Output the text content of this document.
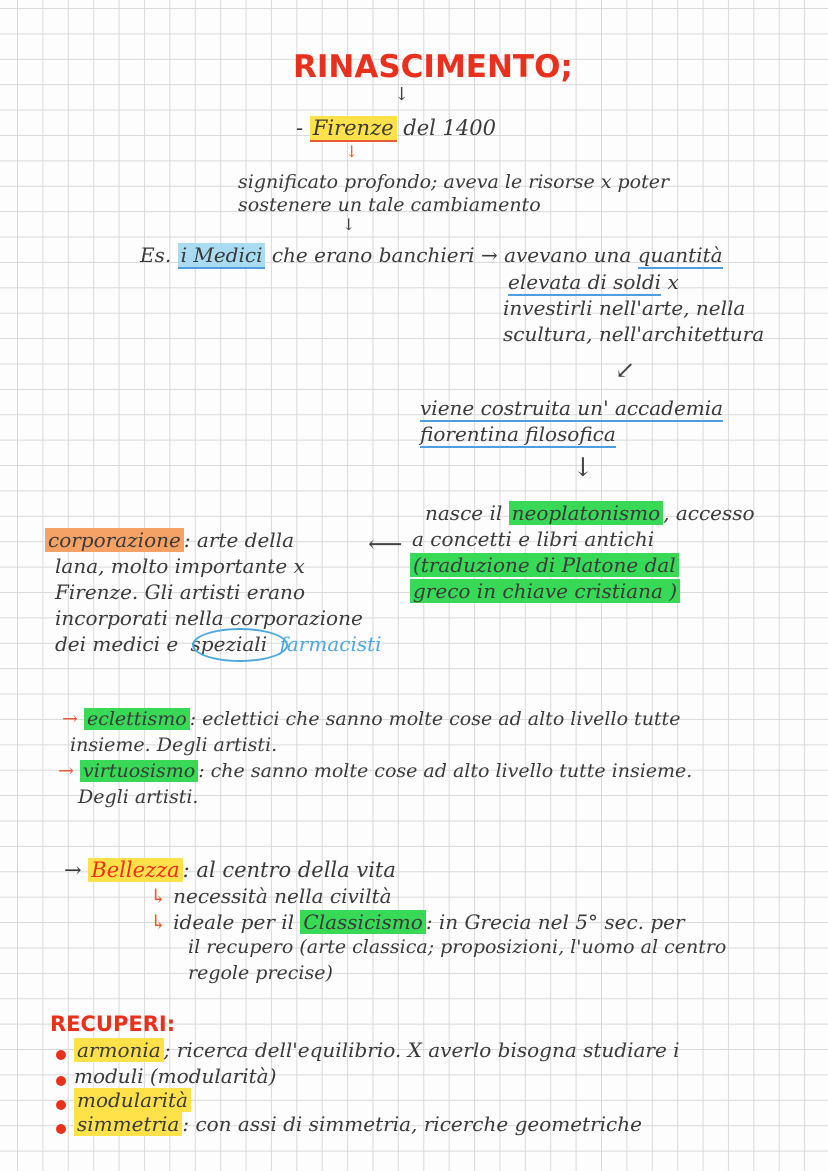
RINASCIMENTO;
↓
- Firenze del 1400
↓
significato profondo; aveva le risorse x poter
sostenere un tale cambiamento
↓
Es. i Medici che erano banchieri → avevano una quantità
elevata di soldi x
investirli nell'arte, nella
scultura, nell'architettura
↙
viene costruita un' accademia
fiorentina filosofica
↓
nasce il neoplatonismo , accesso
a concetti e libri antichi
(traduzione di Platone dal
greco in chiave cristiana )
⟵
corporazione : arte della
lana, molto importante x
Firenze. Gli artisti erano
incorporati nella corporazione
dei medici e speziali farmacisti
→ eclettismo : eclettici che sanno molte cose ad alto livello tutte
insieme. Degli artisti.
→ virtuosismo : che sanno molte cose ad alto livello tutte insieme.
Degli artisti.
→ Bellezza : al centro della vita
↳ necessità nella civiltà
↳ ideale per il Classicismo : in Grecia nel 5° sec. per
il recupero (arte classica; proposizioni, l'uomo al centro
regole precise)
RECUPERI:
armonia ; ricerca dell'equilibrio. X averlo bisogna studiare i
moduli (modularità)
modularità
simmetria : con assi di simmetria, ricerche geometriche
